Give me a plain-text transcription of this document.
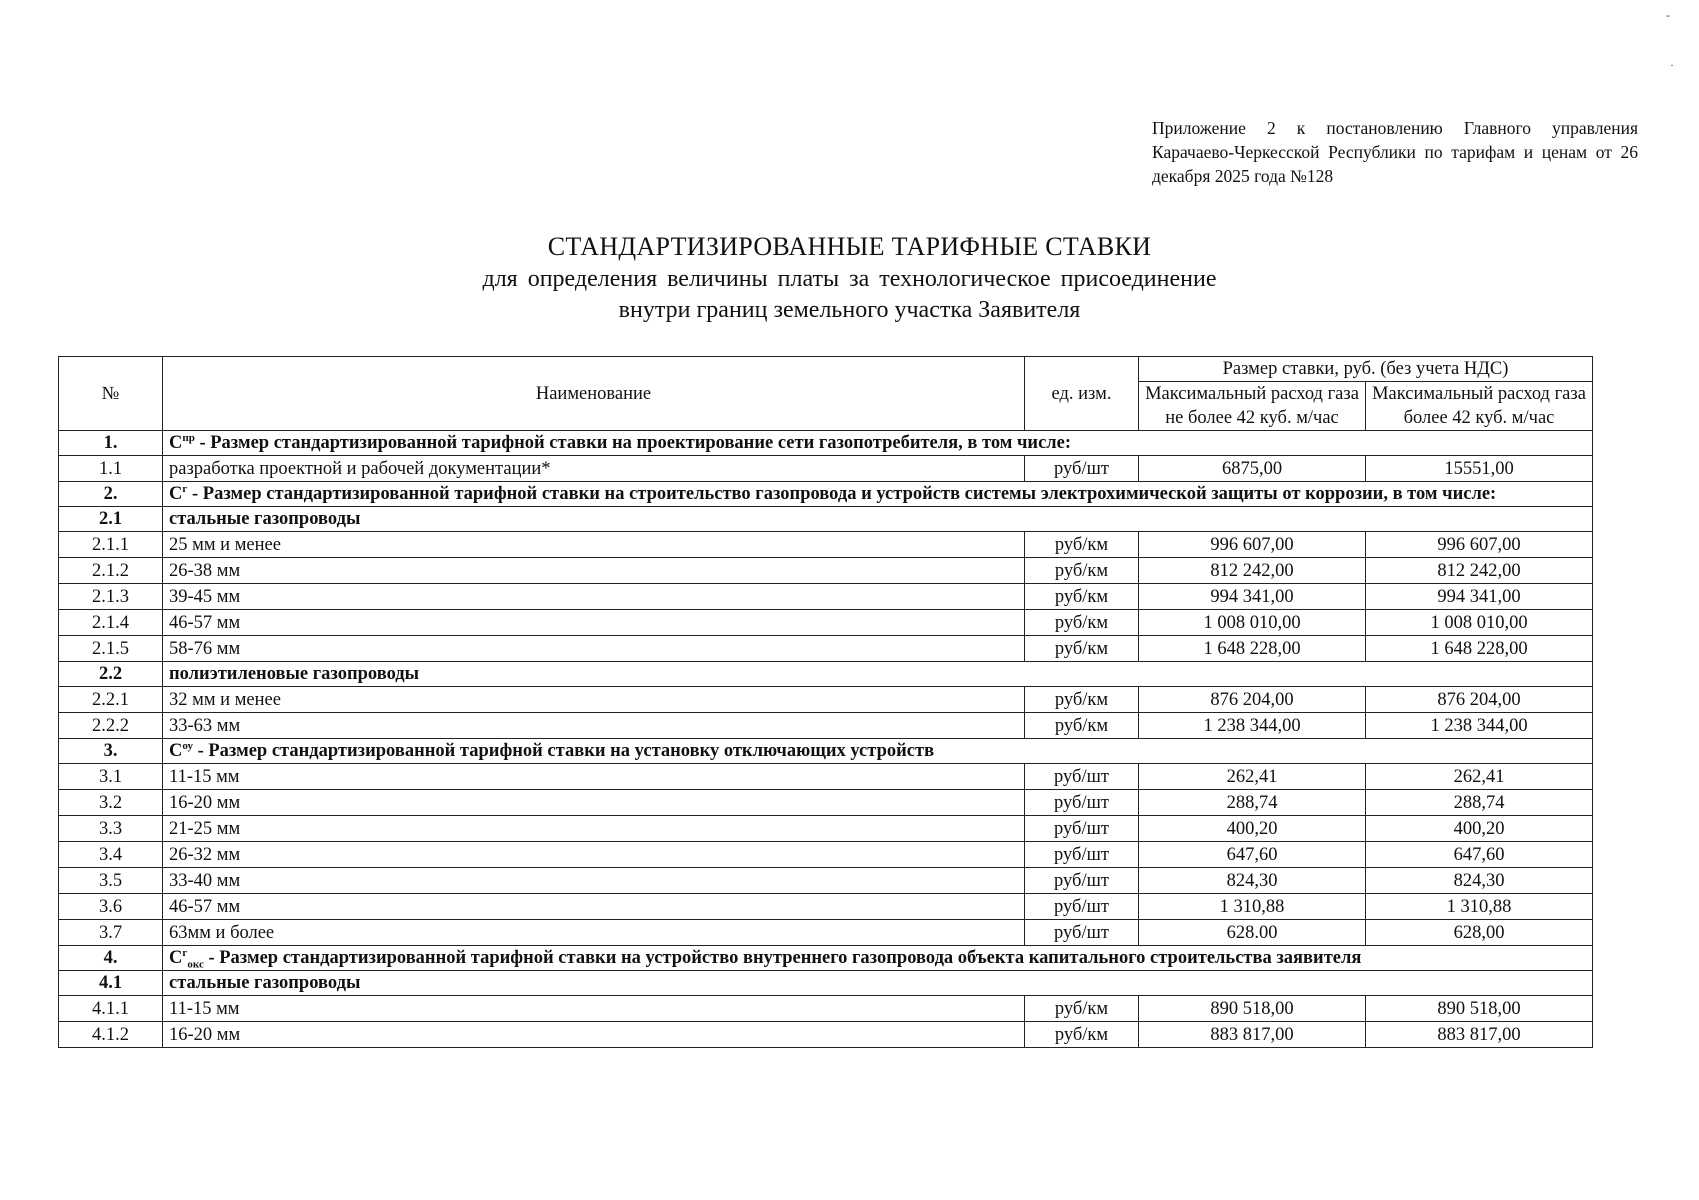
-
·
Приложение 2 к постановлению Главного управления Карачаево-Черкесской Республики по тарифам и ценам от 26 декабря 2025 года №128
СТАНДАРТИЗИРОВАННЫЕ ТАРИФНЫЕ СТАВКИ
для определения величины платы за технологическое присоединение
внутри границ земельного участка Заявителя
№	Наименование	ед. изм.	Размер ставки, руб. (без учета НДС)	
			Максимальный расход газа не более 42 куб. м/час	Максимальный расход газа более 42 куб. м/час
1.	$С^{пр}$ - Размер стандартизированной тарифной ставки на проектирование сети газопотребителя, в том числе:			
1.1	разработка проектной и рабочей документации*	руб/шт	6875,00	15551,00
2.	$С^г$ - Размер стандартизированной тарифной ставки на строительство газопровода и устройств системы электрохимической защиты от коррозии, в том числе:			
2.1	стальные газопроводы			
2.1.1	25 мм и менее	руб/км	996 607,00	996 607,00
2.1.2	26-38 мм	руб/км	812 242,00	812 242,00
2.1.3	39-45 мм	руб/км	994 341,00	994 341,00
2.1.4	46-57 мм	руб/км	1 008 010,00	1 008 010,00
2.1.5	58-76 мм	руб/км	1 648 228,00	1 648 228,00
2.2	полиэтиленовые газопроводы			
2.2.1	32 мм и менее	руб/км	876 204,00	876 204,00
2.2.2	33-63 мм	руб/км	1 238 344,00	1 238 344,00
3.	$С^{оу}$ - Размер стандартизированной тарифной ставки на установку отключающих устройств			
3.1	11-15 мм	руб/шт	262,41	262,41
3.2	16-20 мм	руб/шт	288,74	288,74
3.3	21-25 мм	руб/шт	400,20	400,20
3.4	26-32 мм	руб/шт	647,60	647,60
3.5	33-40 мм	руб/шт	824,30	824,30
3.6	46-57 мм	руб/шт	1 310,88	1 310,88
3.7	63мм и более	руб/шт	628.00	628,00
4.	$С^г_{окс}$ - Размер стандартизированной тарифной ставки на устройство внутреннего газопровода объекта капитального строительства заявителя			
4.1	стальные газопроводы			
4.1.1	11-15 мм	руб/км	890 518,00	890 518,00
4.1.2	16-20 мм	руб/км	883 817,00	883 817,00
